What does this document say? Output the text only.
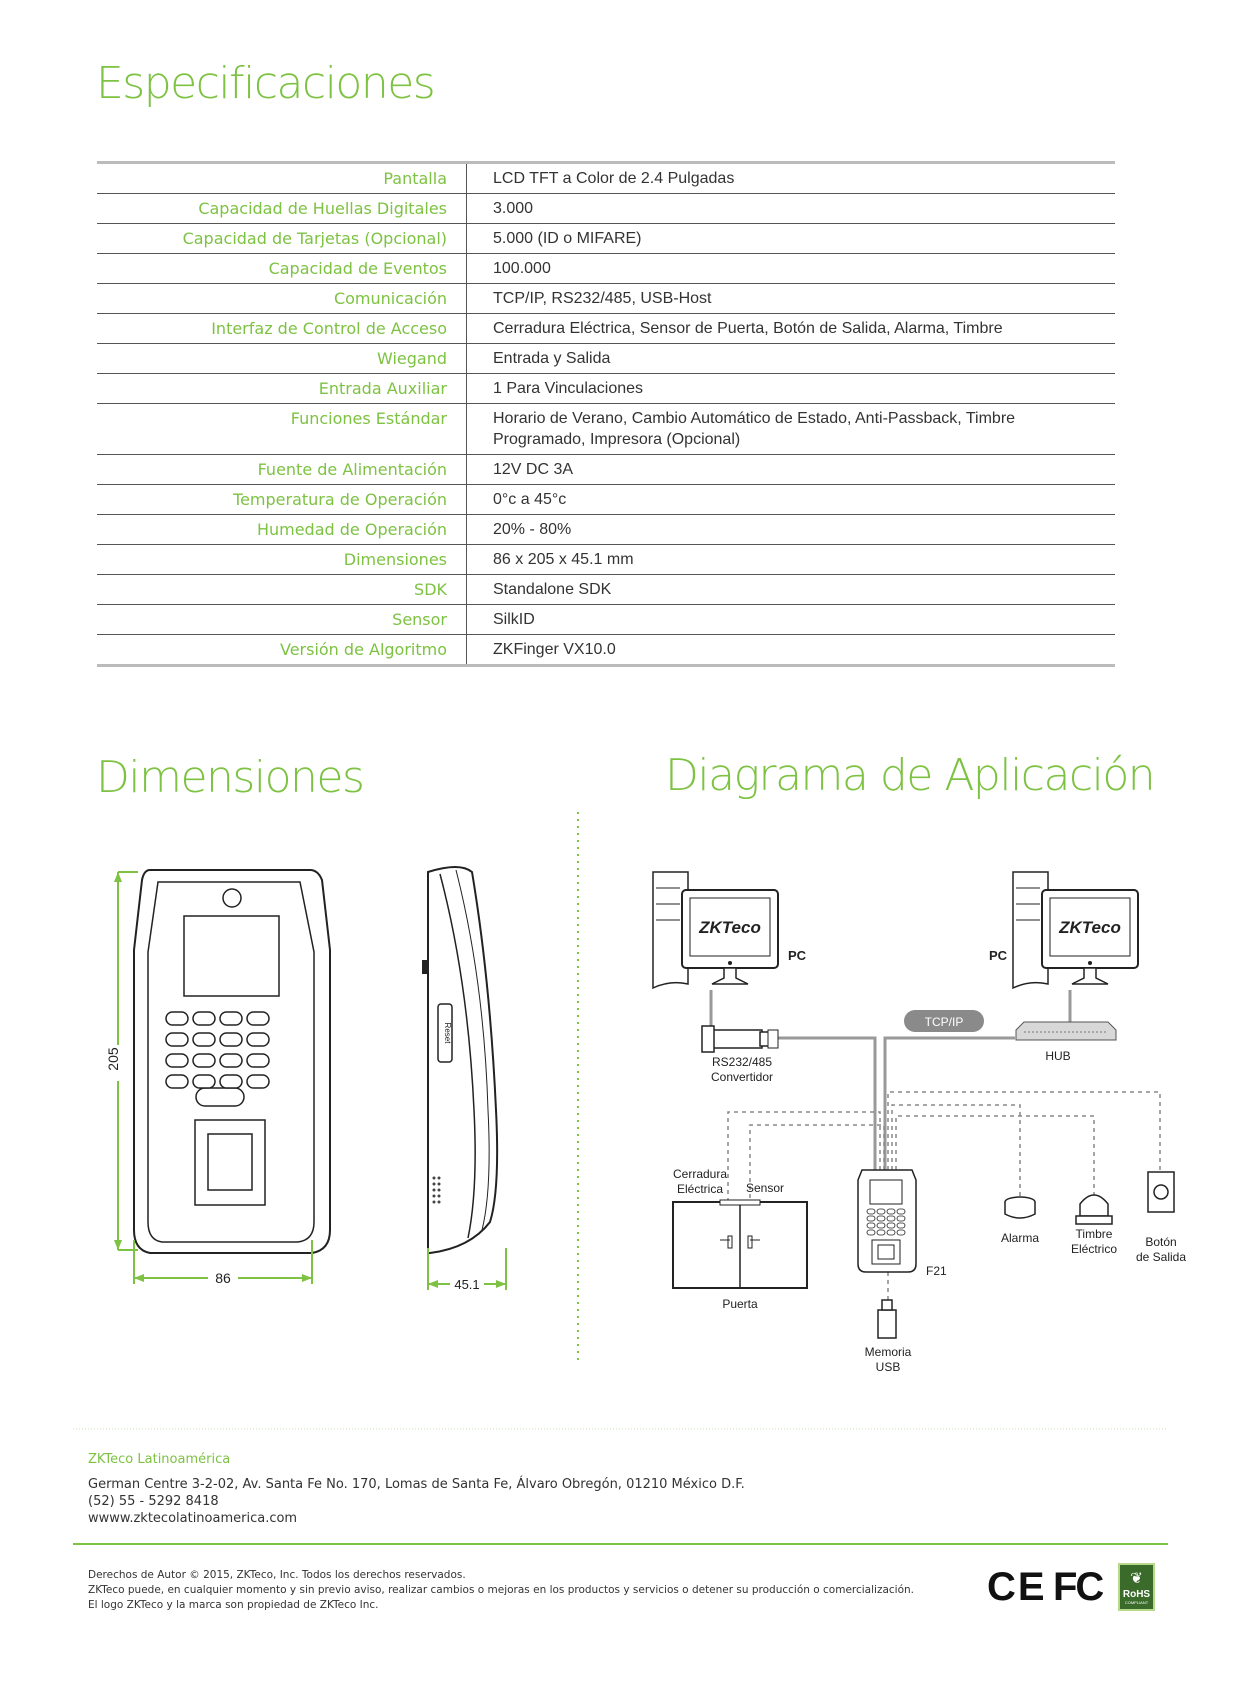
Especificaciones
Pantalla	LCD TFT a Color de 2.4 Pulgadas
Capacidad de Huellas Digitales	3.000
Capacidad de Tarjetas (Opcional)	5.000 (ID o MIFARE)
Capacidad de Eventos	100.000
Comunicación	TCP/IP, RS232/485, USB-Host
Interfaz de Control de Acceso	Cerradura Eléctrica, Sensor de Puerta, Botón de Salida, Alarma, Timbre
Wiegand	Entrada y Salida
Entrada Auxiliar	1 Para Vinculaciones
Funciones Estándar	Horario de Verano, Cambio Automático de Estado, Anti-Passback, Timbre Programado, Impresora (Opcional)
Fuente de Alimentación	12V DC 3A
Temperatura de Operación	0°c a 45°c
Humedad de Operación	20% - 80%
Dimensiones	86 x 205 x 45.1 mm
SDK	Standalone SDK
Sensor	SilkID
Versión de Algoritmo	ZKFinger VX10.0
Dimensiones	Diagrama de Aplicación
205
86
Reset
45.1
ZKTeco
PC
ZKTeco
PC
TCP/IP
RS232/485
Convertidor
HUB
F21
Memoria
USB
Cerradura
Eléctrica Sensor
Puerta
Alarma	Timbre
Eléctrico Botón
de Salida
ZKTeco Latinoamérica
German Centre 3-2-02, Av. Santa Fe No. 170, Lomas de Santa Fe, Álvaro Obregón, 01210 México D.F.
(52) 55 - 5292 8418
wwww.zktecolatinoamerica.com
Derechos de Autor © 2015, ZKTeco, Inc. Todos los derechos reservados.
ZKTeco puede, en cualquier momento y sin previo aviso, realizar cambios o mejoras en los productos y servicios o detener su producción o comercialización.
El logo ZKTeco y la marca son propiedad de ZKTeco Inc.	CE FC	❦
RoHS
COMPLIANT
